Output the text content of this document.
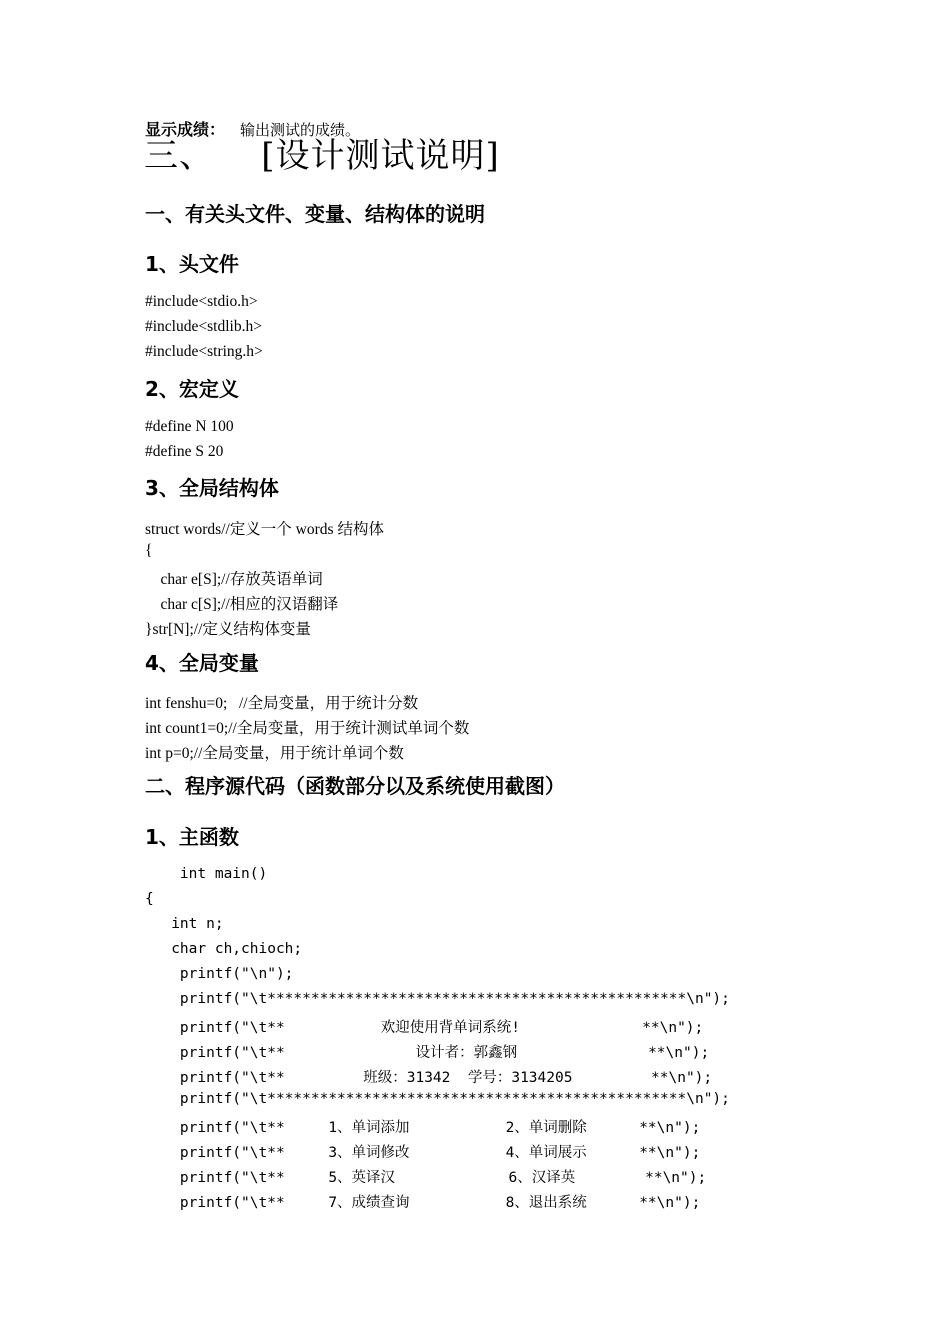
显示成绩： 输出测试的成绩。
三、    [设计测试说明]
一、有关头文件、变量、结构体的说明
1、头文件
#include<stdio.h>
#include<stdlib.h>
#include<string.h>
2、宏定义
#define N 100
#define S 20
3、全局结构体
struct words//定义一个 words 结构体
{
char e[S];//存放英语单词
char c[S];//相应的汉语翻译
}str[N];//定义结构体变量
4、全局变量
int fenshu=0;   //全局变量，用于统计分数
int count1=0;//全局变量，用于统计测试单词个数
int p=0;//全局变量，用于统计单词个数
二、程序源代码（函数部分以及系统使用截图）
1、主函数
int main()
{
int n;
char ch,chioch;
printf("\n");
printf("\t************************************************\n");
printf("\t**           欢迎使用背单词系统!              **\n");
printf("\t**               设计者：郭鑫钢               **\n");
printf("\t**         班级：31342  学号：3134205         **\n");
printf("\t************************************************\n");
printf("\t**     1、单词添加           2、单词删除      **\n");
printf("\t**     3、单词修改           4、单词展示      **\n");
printf("\t**     5、英译汉             6、汉译英        **\n");
printf("\t**     7、成绩查询           8、退出系统      **\n");
